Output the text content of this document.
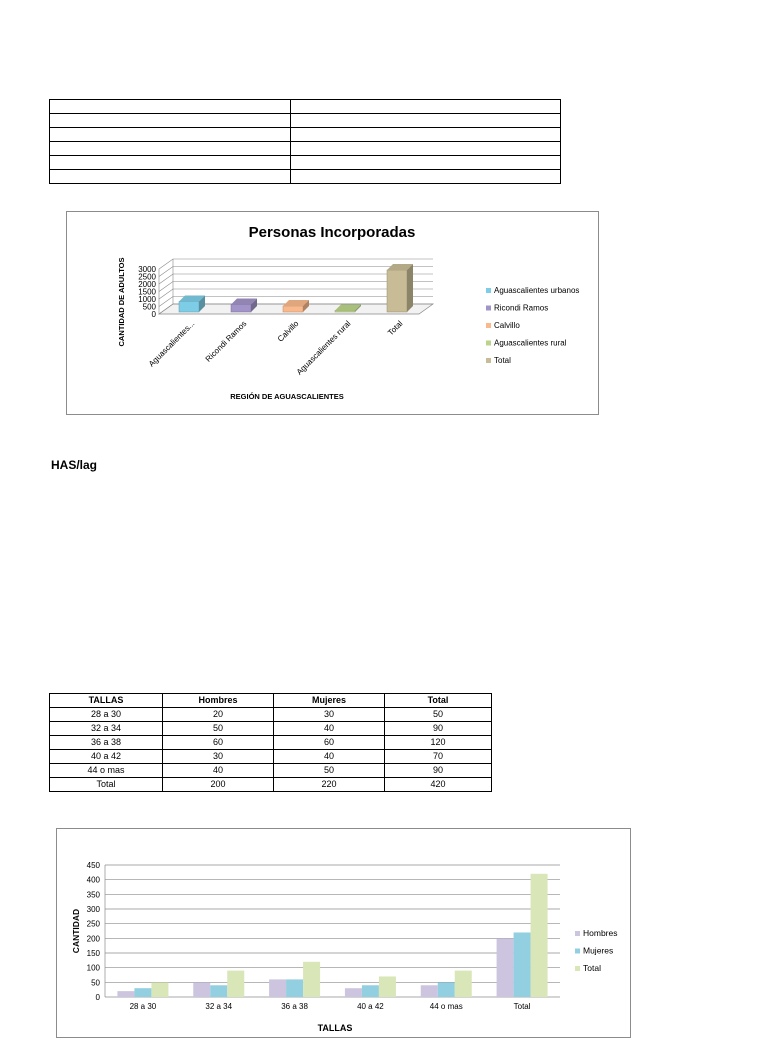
Personas Incorporadas
CANTIDAD DE ADULTOS
REGIÓN DE AGUASCALIENTES
0
500
1000
1500
2000
2500
3000
Aguascalientes... Ricondi Ramos	Calvillo
Aguascalientes rural	Total
Aguascalientes urbanos
Ricondi Ramos
Calvillo
Aguascalientes rural
Total
HAS/lag
TALLAS	Hombres	Mujeres	Total
28 a 30	20	30	50
32 a 34	50	40	90
36 a 38	60	60	120
40 a 42	30	40	70
44 o mas	40	50	90
Total	200	220	420
CANTIDAD
TALLAS
0
50
100
150
200
250
300
350
400
450
28 a 30	32 a 34	36 a 38	40 a 42	44 o mas	Total
Hombres
Mujeres
Total
